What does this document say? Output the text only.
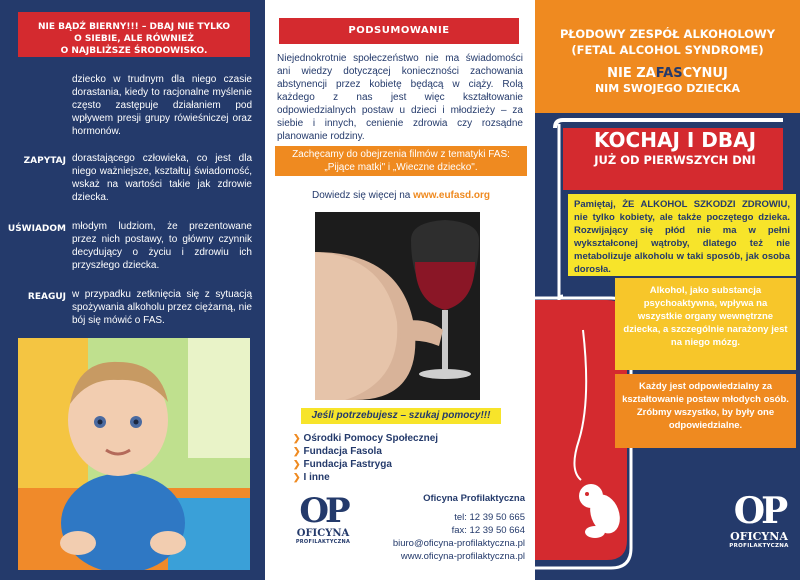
NIE BĄDŹ BIERNY!!! – DBAJ NIE TYLKO
O SIEBIE, ALE RÓWNIEŻ
O NAJBLIŻSZE ŚRODOWISKO.
dziecko w trudnym dla niego czasie dorastania, kiedy to racjonalne myślenie często zastępuje działaniem pod wpływem presji grupy rówieśniczej oraz hormonów.
ZAPYTAJ dorastającego człowieka, co jest dla niego ważniejsze, kształtuj świadomość, wskaż na wartości takie jak zdrowie dziecka.
UŚWIADOM młodym ludziom, że prezentowane przez nich postawy, to główny czynnik decydujący o życiu i zdrowiu ich przyszłego dziecka.
REAGUJ w przypadku zetknięcia się z sytuacją spożywania alkoholu przez ciężarną, nie bój się mówić o FAS.
PODSUMOWANIE
Niejednokrotnie społeczeństwo nie ma świadomości ani wiedzy dotyczącej konieczności zachowania abstynencji przez kobietę będącą w ciąży. Rolą każdego z nas jest więc kształtowanie odpowiedzialnych postaw u dzieci i młodzieży – za siebie i innych, cenienie zdrowia czy rozsądne planowanie rodziny.
Zachęcamy do obejrzenia filmów z tematyki FAS:
„Pijące matki" i „Wieczne dziecko".
Dowiedz się więcej na www.eufasd.org
Jeśli potrzebujesz – szukaj pomocy!!!
❯ Ośrodki Pomocy Społecznej
❯ Fundacja Fasola
❯ Fundacja Fastryga
❯ I inne
OP
OFICYNA
PROFILAKTYCZNA
Oficyna Profilaktyczna
tel: 12 39 50 665
fax: 12 39 50 664
biuro@oficyna-profilaktyczna.pl
www.oficyna-profilaktyczna.pl
PŁODOWY ZESPÓŁ ALKOHOLOWY
(FETAL ALCOHOL SYNDROME)
NIE ZAFASCYNUJ
NIM SWOJEGO DZIECKA
KOCHAJ I DBAJ
JUŻ OD PIERWSZYCH DNI
Pamiętaj, ŻE ALKOHOL SZKODZI ZDROWIU, nie tylko kobiety, ale także poczętego dzieka. Rozwijający się płód nie ma w pełni wykształconej wątroby, dlatego też nie metabolizuje alkoholu w taki sposób, jak osoba dorosła.
Alkohol, jako substancja psychoaktywna, wpływa na wszystkie organy wewnętrzne dziecka, a szczególnie narażony jest na niego mózg.
Każdy jest odpowiedzialny za kształtowanie postaw młodych osób. Zróbmy wszystko, by były one odpowiedzialne.
OP
OFICYNA
PROFILAKTYCZNA
